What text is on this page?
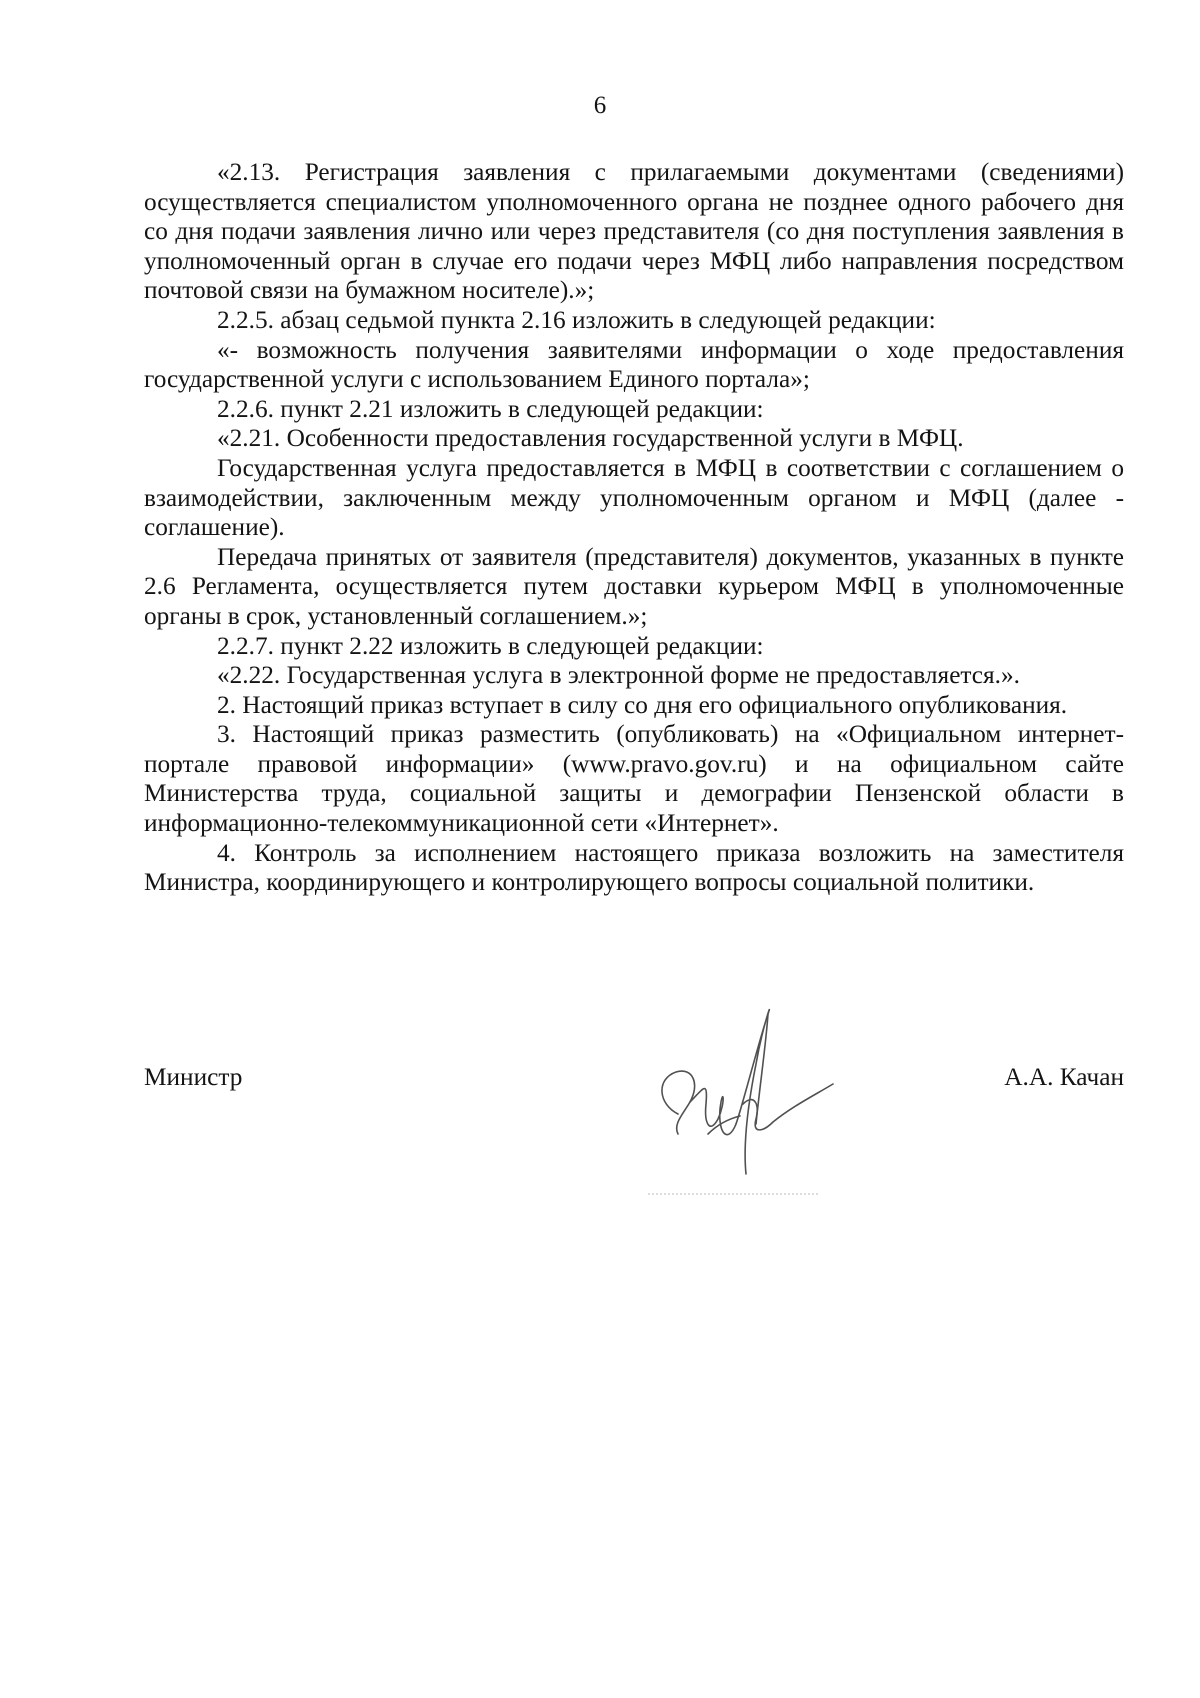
6

«2.13. Регистрация заявления с прилагаемыми документами (сведениями) осуществляется специалистом уполномоченного органа не позднее одного рабочего дня со дня подачи заявления лично или через представителя (со дня поступления заявления в уполномоченный орган в случае его подачи через МФЦ либо направления посредством почтовой связи на бумажном носителе).»;

2.2.5. абзац седьмой пункта 2.16 изложить в следующей редакции:

«- возможность получения заявителями информации о ходе предоставления государственной услуги с использованием Единого портала»;

2.2.6. пункт 2.21 изложить в следующей редакции:

«2.21. Особенности предоставления государственной услуги в МФЦ.

Государственная услуга предоставляется в МФЦ в соответствии с соглашением о взаимодействии, заключенным между уполномоченным органом и МФЦ (далее - соглашение).

Передача принятых от заявителя (представителя) документов, указанных в пункте 2.6 Регламента, осуществляется путем доставки курьером МФЦ в уполномоченные органы в срок, установленный соглашением.»;

2.2.7. пункт 2.22 изложить в следующей редакции:

«2.22. Государственная услуга в электронной форме не предоставляется.».

2. Настоящий приказ вступает в силу со дня его официального опубликования.

3. Настоящий приказ разместить (опубликовать) на «Официальном интернет-портале правовой информации» (www.pravo.gov.ru) и на официальном сайте Министерства труда, социальной защиты и демографии Пензенской области в информационно-телекоммуникационной сети «Интернет».

4. Контроль за исполнением настоящего приказа возложить на заместителя Министра, координирующего и контролирующего вопросы социальной политики.

Министр	А.А. Качан
